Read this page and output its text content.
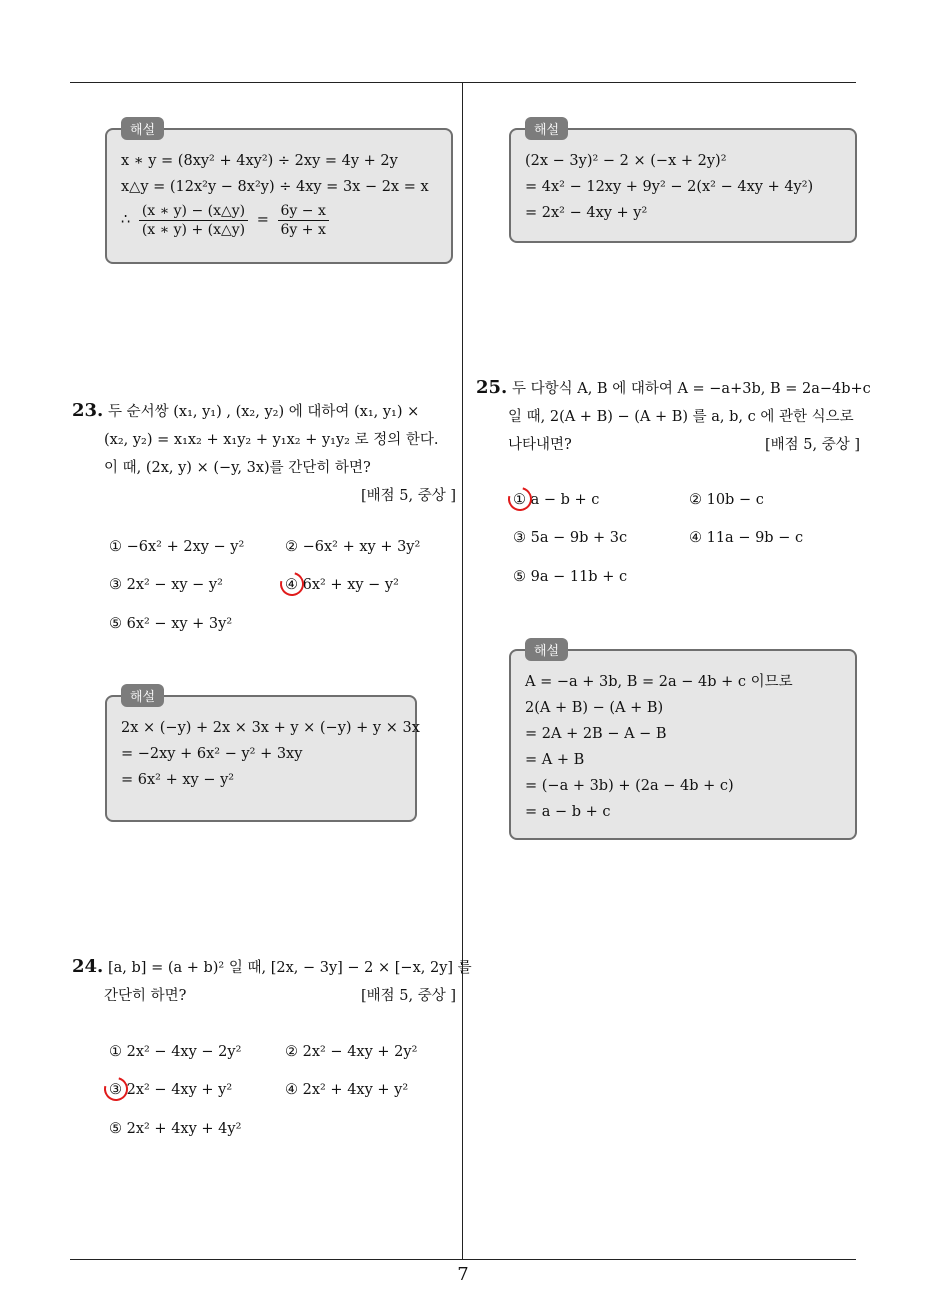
7
해설
x ∗ y = (8xy² + 4xy²) ÷ 2xy = 4y + 2y
x△y = (12x²y − 8x²y) ÷ 4xy = 3x − 2x = x
∴ $\frac{(x ∗ y) - (x\triangle y)}{(x ∗ y) + (x\triangle y)} = \frac{6y - x}{6y + x}$
해설
(2x − 3y)² − 2 × (−x + 2y)²
= 4x² − 12xy + 9y² − 2(x² − 4xy + 4y²)
= 2x² − 4xy + y²
23. 두 순서쌍 (x₁, y₁) , (x₂, y₂) 에 대하여 (x₁, y₁) ×
(x₂, y₂) = x₁x₂ + x₁y₂ + y₁x₂ + y₁y₂ 로 정의 한다.
이 때, (2x, y) × (−y, 3x)를 간단히 하면?
[배점 5, 중상 ]
① −6x² + 2xy − y²	② −6x² + xy + 3y²
③ 2x² − xy − y²	④ 6x² + xy − y²
⑤ 6x² − xy + 3y²
해설
2x × (−y) + 2x × 3x + y × (−y) + y × 3x
= −2xy + 6x² − y² + 3xy
= 6x² + xy − y²
24. [a, b] = (a + b)² 일 때, [2x, − 3y] − 2 × [−x, 2y] 를
간단히 하면?	[배점 5, 중상 ]
① 2x² − 4xy − 2y²	② 2x² − 4xy + 2y²
③ 2x² − 4xy + y²	④ 2x² + 4xy + y²
⑤ 2x² + 4xy + 4y²
25. 두 다항식 A, B 에 대하여 A = −a+3b, B = 2a−4b+c
일 때, 2(A + B) − (A + B) 를 a, b, c 에 관한 식으로
나타내면?	[배점 5, 중상 ]
① a − b + c	② 10b − c
③ 5a − 9b + 3c	④ 11a − 9b − c
⑤ 9a − 11b + c
해설
A = −a + 3b, B = 2a − 4b + c 이므로
2(A + B) − (A + B)
= 2A + 2B − A − B
= A + B
= (−a + 3b) + (2a − 4b + c)
= a − b + c
